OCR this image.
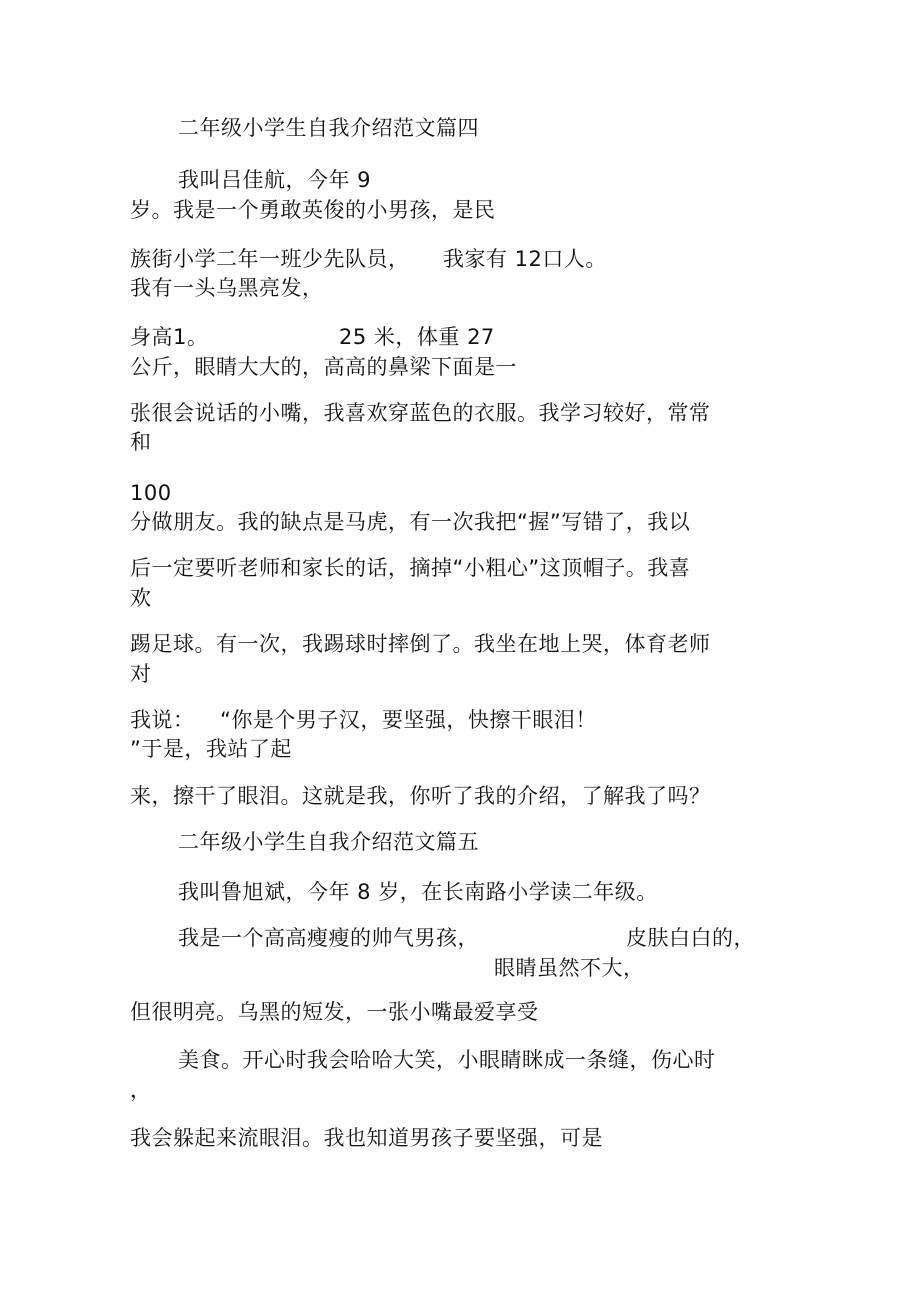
二年级小学生自我介绍范文篇四
我叫吕佳航，今年 9
岁。我是一个勇敢英俊的小男孩，是民
族街小学二年一班少先队员， 我家有 12口人。
我有一头乌黑亮发，
身高1。	25 米，体重 27
公斤，眼睛大大的，高高的鼻梁下面是一
张很会说话的小嘴，我喜欢穿蓝色的衣服。我学习较好，常常
和
100
分做朋友。我的缺点是马虎，有一次我把“握”写错了，我以
后一定要听老师和家长的话，摘掉“小粗心”这顶帽子。我喜
欢
踢足球。有一次，我踢球时摔倒了。我坐在地上哭，体育老师
对
我说： “你是个男子汉，要坚强，快擦干眼泪！
”于是，我站了起
来，擦干了眼泪。这就是我，你听了我的介绍，了解我了吗？
二年级小学生自我介绍范文篇五
我叫鲁旭斌，今年 8 岁，在长南路小学读二年级。
我是一个高高瘦瘦的帅气男孩，	皮肤白白的，
眼睛虽然不大，
但很明亮。乌黑的短发，一张小嘴最爱享受
美食。开心时我会哈哈大笑，小眼睛眯成一条缝，伤心时
，
我会躲起来流眼泪。我也知道男孩子要坚强，可是
